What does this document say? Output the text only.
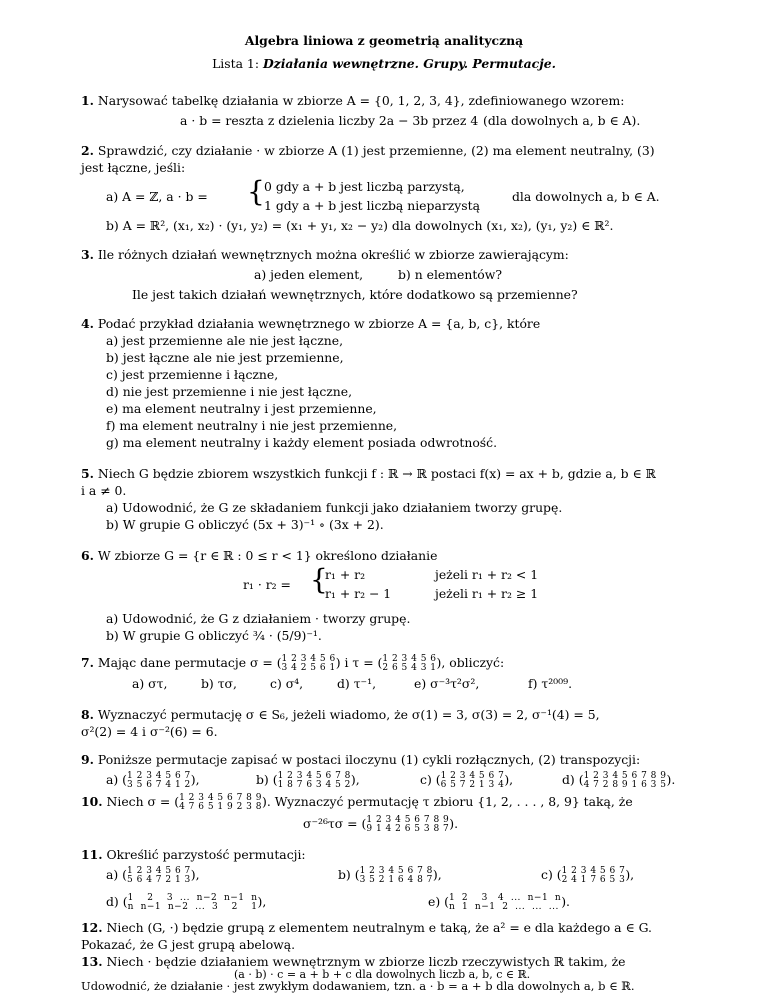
Algebra liniowa z geometrią analityczną
Lista 1: Działania wewnętrzne. Grupy. Permutacje.
1. Narysować tabelkę działania w zbiorze A = {0, 1, 2, 3, 4}, zdefiniowanego wzorem:
a · b = reszta z dzielenia liczby 2a − 3b przez 4 (dla dowolnych a, b ∈ A).
2. Sprawdzić, czy działanie · w zbiorze A (1) jest przemienne, (2) ma element neutralny, (3)
jest łączne, jeśli:
a) A = ℤ, a · b = { 0 gdy a + b jest liczbą parzystą,
1 gdy a + b jest liczbą nieparzystą
dla dowolnych a, b ∈ A.
b) A = ℝ², (x₁, x₂) · (y₁, y₂) = (x₁ + y₁, x₂ − y₂) dla dowolnych (x₁, x₂), (y₁, y₂) ∈ ℝ².
3. Ile różnych działań wewnętrznych można określić w zbiorze zawierającym:
a) jeden element,	b) n elementów?
Ile jest takich działań wewnętrznych, które dodatkowo są przemienne?
4. Podać przykład działania wewnętrznego w zbiorze A = {a, b, c}, które
a) jest przemienne ale nie jest łączne,
b) jest łączne ale nie jest przemienne,
c) jest przemienne i łączne,
d) nie jest przemienne i nie jest łączne,
e) ma element neutralny i jest przemienne,
f) ma element neutralny i nie jest przemienne,
g) ma element neutralny i każdy element posiada odwrotność.
5. Niech G będzie zbiorem wszystkich funkcji f : ℝ → ℝ postaci f(x) = ax + b, gdzie a, b ∈ ℝ
i a ≠ 0.
a) Udowodnić, że G ze składaniem funkcji jako działaniem tworzy grupę.
b) W grupie G obliczyć (5x + 3)⁻¹ ∘ (3x + 2).
6. W zbiorze G = {r ∈ ℝ : 0 ≤ r < 1} określono działanie
r₁ · r₂ = {
r₁ + r₂	jeżeli r₁ + r₂ < 1
r₁ + r₂ − 1	jeżeli r₁ + r₂ ≥ 1
a) Udowodnić, że G z działaniem · tworzy grupę.
b) W grupie G obliczyć ¾ · (5/9)⁻¹.
7. Mając dane permutacje σ = ( 1 2 3 4 5 6
3 4 2 5 6 1 ) i τ = ( 1 2 3 4 5 6
2 6 5 4 3 1 ), obliczyć:
a) στ,	b) τσ,	c) σ⁴,	d) τ⁻¹,	e) σ⁻³τ²σ²,	f) τ²⁰⁰⁹.
8. Wyznaczyć permutację σ ∈ S₆, jeżeli wiadomo, że σ(1) = 3, σ(3) = 2, σ⁻¹(4) = 5,
σ²(2) = 4 i σ⁻²(6) = 6.
9. Poniższe permutacje zapisać w postaci iloczynu (1) cykli rozłącznych, (2) transpozycji:
a) ( 1 2 3 4 5 6 7
3 5 6 7 4 1 2 ),	b) ( 1 2 3 4 5 6 7 8
1 8 7 6 3 4 5 2 ),	c) ( 1 2 3 4 5 6 7
6 5 7 2 1 3 4 ),	d) ( 1 2 3 4 5 6 7 8 9
4 7 2 8 9 1 6 3 5 ).
10. Niech σ = ( 1 2 3 4 5 6 7 8 9
4 7 6 5 1 9 2 3 8 ). Wyznaczyć permutację τ zbioru {1, 2, . . . , 8, 9} taką, że
σ⁻²⁶τσ = ( 1 2 3 4 5 6 7 8 9
9 1 4 2 6 5 3 8 7 ).
11. Określić parzystość permutacji:
a) ( 1 2 3 4 5 6 7
5 6 4 7 2 1 3 ),	b) ( 1 2 3 4 5 6 7 8
3 5 2 1 6 4 8 7 ),	c) ( 1 2 3 4 5 6 7
2 4 1 7 6 5 3 ),
d) ( 1    2    3  ...  n−2  n−1  n
n  n−1  n−2  ...  3    2    1 ),	e) ( 1  2    3   4  ...  n−1  n
n  1  n−1  2  ...  ...  ... ).
12. Niech (G, ·) będzie grupą z elementem neutralnym e taką, że a² = e dla każdego a ∈ G.
Pokazać, że G jest grupą abelową.
13. Niech · będzie działaniem wewnętrznym w zbiorze liczb rzeczywistych ℝ takim, że
(a · b) · c = a + b + c dla dowolnych liczb a, b, c ∈ ℝ.
Udowodnić, że działanie · jest zwykłym dodawaniem, tzn. a · b = a + b dla dowolnych a, b ∈ ℝ.
